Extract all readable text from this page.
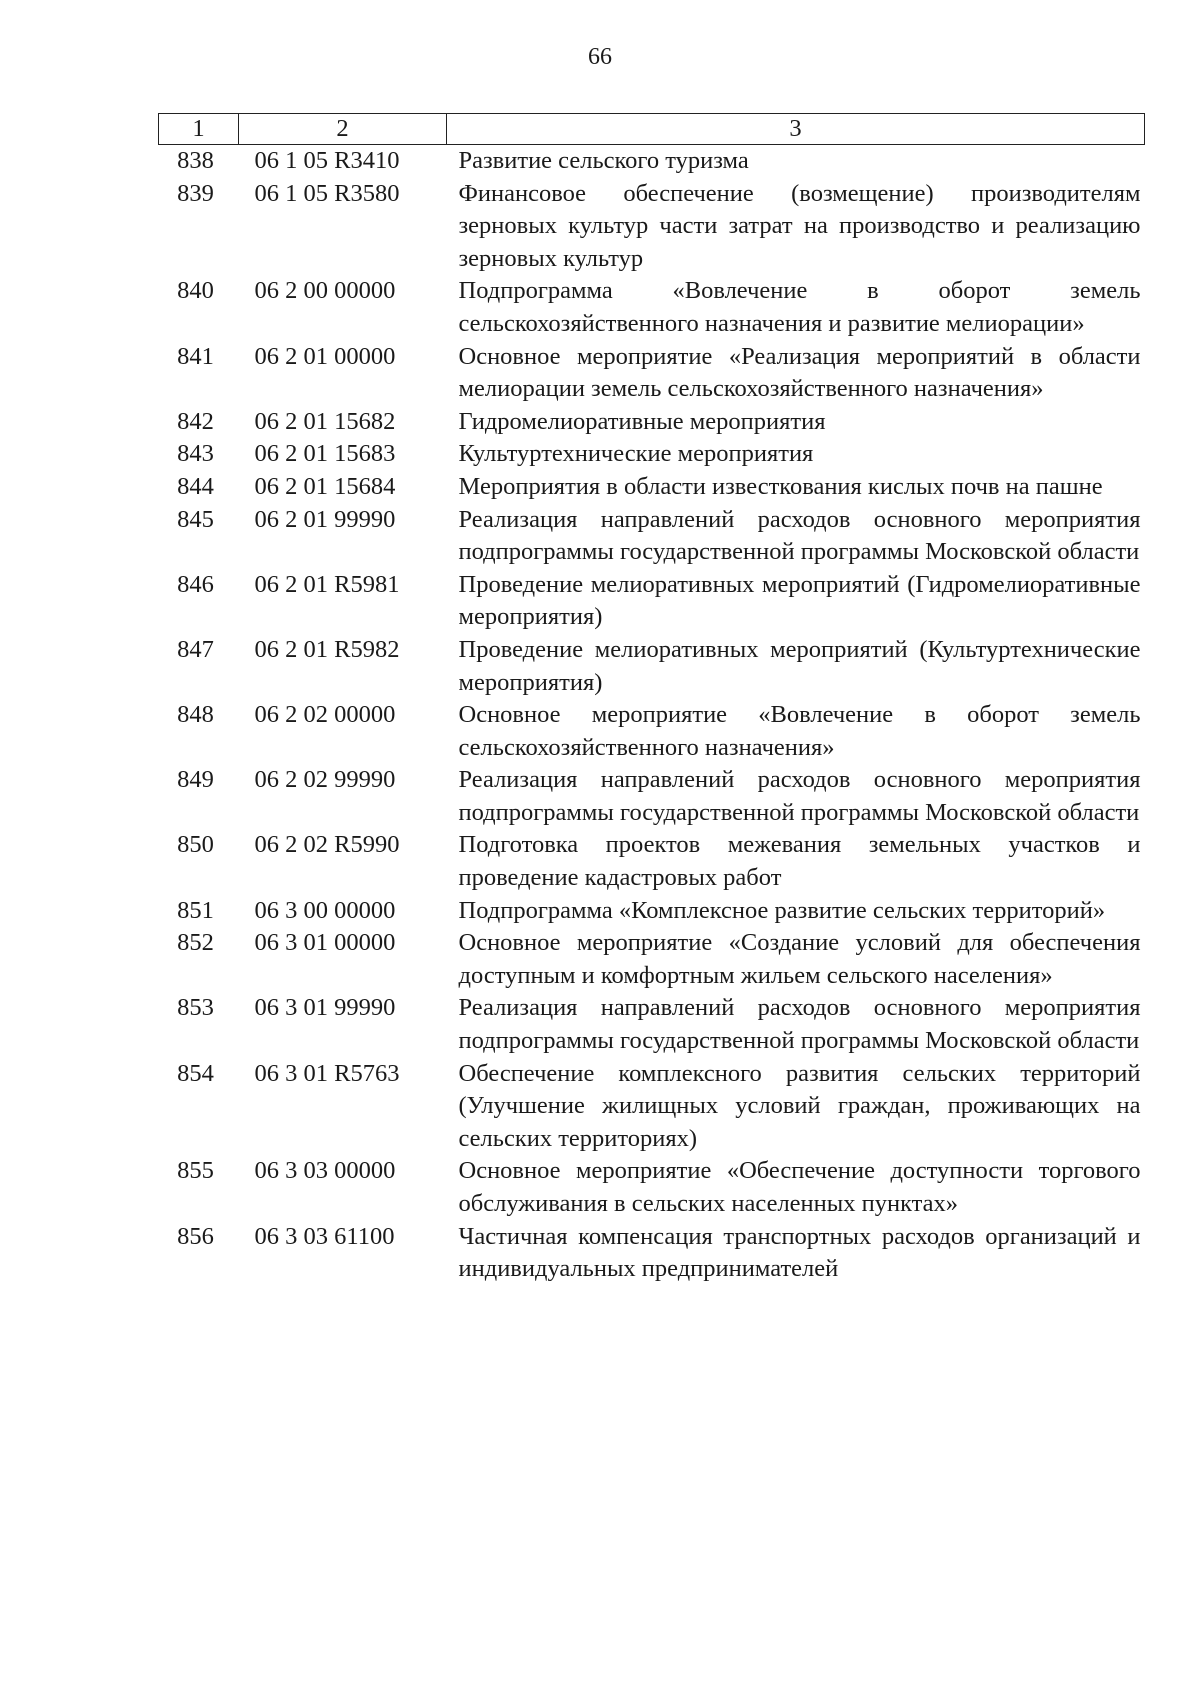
66
1	2	3
838	06 1 05 R3410	Развитие сельского туризма
839	06 1 05 R3580	Финансовое обеспечение (возмещение) производителям зерновых культур части затрат на производство и реализацию зерновых культур
840	06 2 00 00000	Подпрограмма «Вовлечение в оборот земель сельскохозяйственного назначения и развитие мелиорации»
841	06 2 01 00000	Основное мероприятие «Реализация мероприятий в области мелиорации земель сельскохозяйственного назначения»
842	06 2 01 15682	Гидромелиоративные мероприятия
843	06 2 01 15683	Культуртехнические мероприятия
844	06 2 01 15684	Мероприятия в области известкования кислых почв на пашне
845	06 2 01 99990	Реализация направлений расходов основного мероприятия подпрограммы государственной программы Московской области
846	06 2 01 R5981	Проведение мелиоративных мероприятий (Гидромелиоративные мероприятия)
847	06 2 01 R5982	Проведение мелиоративных мероприятий (Культуртехнические мероприятия)
848	06 2 02 00000	Основное мероприятие «Вовлечение в оборот земель сельскохозяйственного назначения»
849	06 2 02 99990	Реализация направлений расходов основного мероприятия подпрограммы государственной программы Московской области
850	06 2 02 R5990	Подготовка проектов межевания земельных участков и проведение кадастровых работ
851	06 3 00 00000	Подпрограмма «Комплексное развитие сельских территорий»
852	06 3 01 00000	Основное мероприятие «Создание условий для обеспечения доступным и комфортным жильем сельского населения»
853	06 3 01 99990	Реализация направлений расходов основного мероприятия подпрограммы государственной программы Московской области
854	06 3 01 R5763	Обеспечение комплексного развития сельских территорий (Улучшение жилищных условий граждан, проживающих на сельских территориях)
855	06 3 03 00000	Основное мероприятие «Обеспечение доступности торгового обслуживания в сельских населенных пунктах»
856	06 3 03 61100	Частичная компенсация транспортных расходов организаций и индивидуальных предпринимателей
